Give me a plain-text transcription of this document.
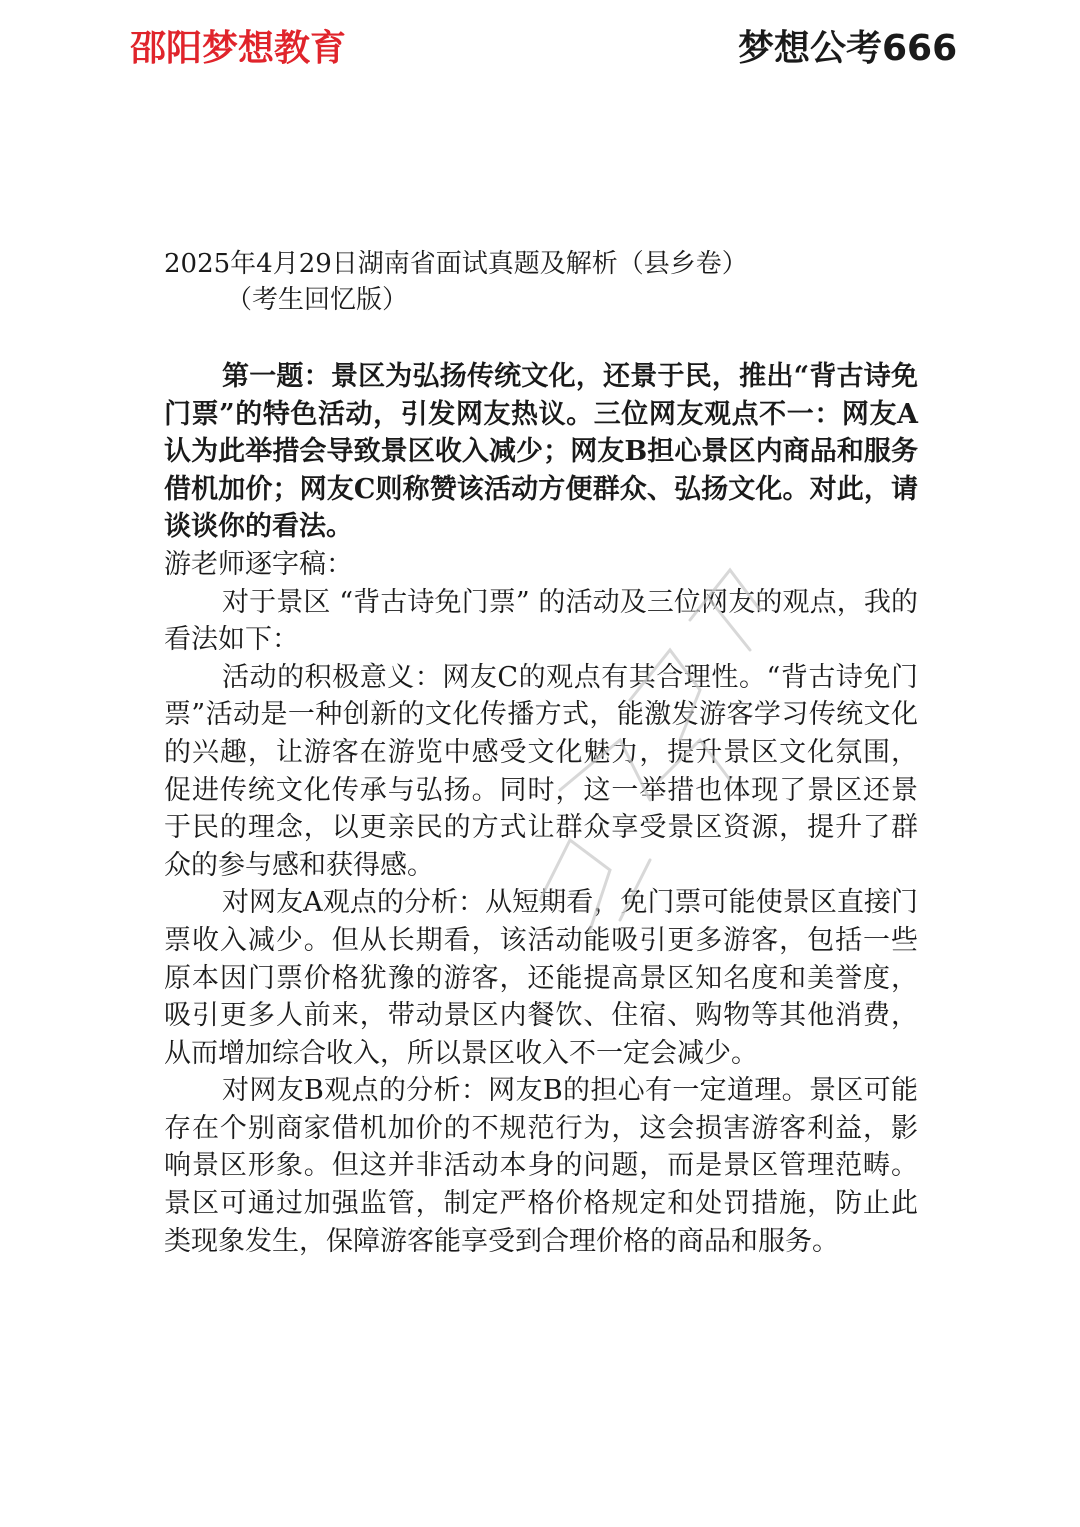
邵阳梦想教育	梦想公考666
2025年4月29日湖南省面试真题及解析（县乡卷）
（考生回忆版）

第一题：景区为弘扬传统文化，还景于民，推出“背古诗免门票”的特色活动，引发网友热议。三位网友观点不一：网友A认为此举措会导致景区收入减少；网友B担心景区内商品和服务借机加价；网友C则称赞该活动方便群众、弘扬文化。对此，请谈谈你的看法。

游老师逐字稿：

对于景区 “背古诗免门票” 的活动及三位网友的观点，我的看法如下：

活动的积极意义：网友C的观点有其合理性。“背古诗免门票”活动是一种创新的文化传播方式，能激发游客学习传统文化的兴趣，让游客在游览中感受文化魅力，提升景区文化氛围，促进传统文化传承与弘扬。同时，这一举措也体现了景区还景于民的理念，以更亲民的方式让群众享受景区资源，提升了群众的参与感和获得感。

对网友A观点的分析：从短期看，免门票可能使景区直接门票收入减少。但从长期看，该活动能吸引更多游客，包括一些原本因门票价格犹豫的游客，还能提高景区知名度和美誉度，吸引更多人前来，带动景区内餐饮、住宿、购物等其他消费，从而增加综合收入，所以景区收入不一定会减少。

对网友B观点的分析：网友B的担心有一定道理。景区可能存在个别商家借机加价的不规范行为，这会损害游客利益，影响景区形象。但这并非活动本身的问题，而是景区管理范畴。景区可通过加强监管，制定严格价格规定和处罚措施，防止此类现象发生，保障游客能享受到合理价格的商品和服务。
